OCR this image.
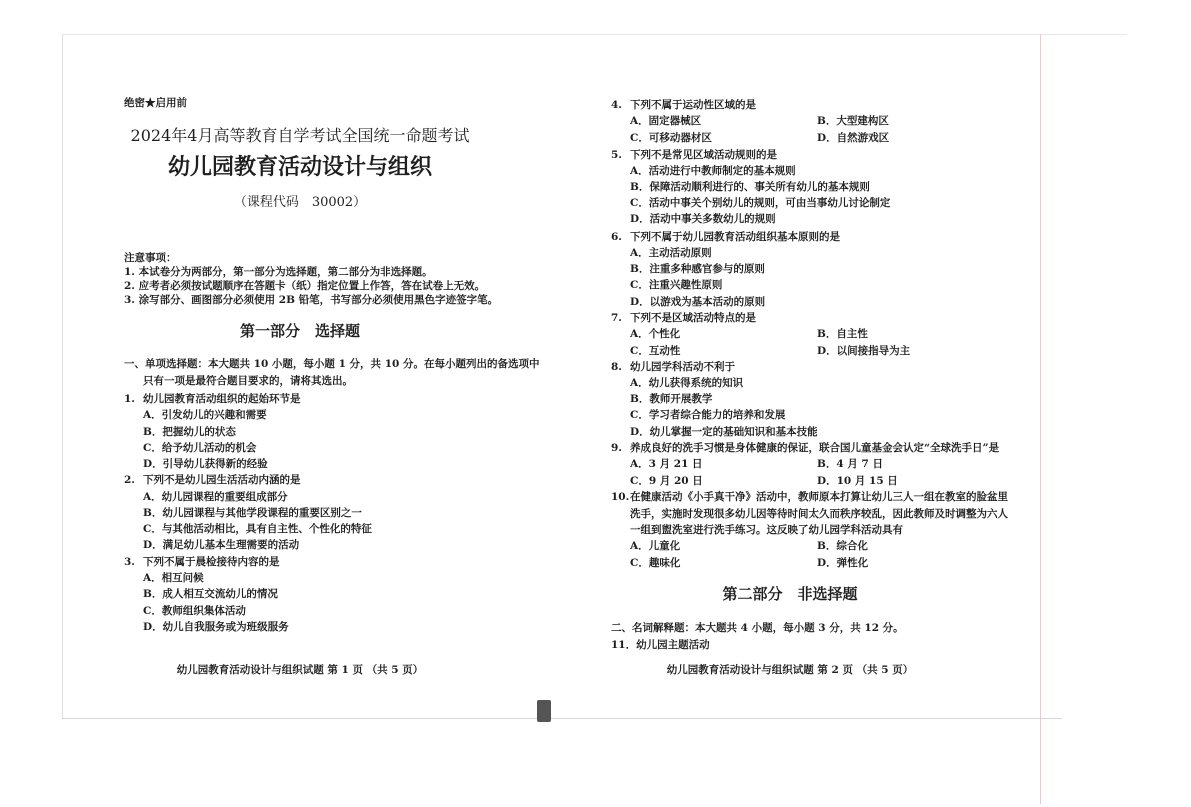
绝密★启用前
2024年4月高等教育自学考试全国统一命题考试
幼儿园教育活动设计与组织
（课程代码　30002）
注意事项：
1. 本试卷分为两部分，第一部分为选择题，第二部分为非选择题。
2. 应考者必须按试题顺序在答题卡（纸）指定位置上作答，答在试卷上无效。
3. 涂写部分、画图部分必须使用 2B 铅笔，书写部分必须使用黑色字迹签字笔。
第一部分　选择题
一、单项选择题：本大题共 10 小题，每小题 1 分，共 10 分。在每小题列出的备选项中
只有一项是最符合题目要求的，请将其选出。
1. 幼儿园教育活动组织的起始环节是
A．引发幼儿的兴趣和需要
B．把握幼儿的状态
C．给予幼儿活动的机会
D．引导幼儿获得新的经验
2. 下列不是幼儿园生活活动内涵的是
A．幼儿园课程的重要组成部分
B．幼儿园课程与其他学段课程的重要区别之一
C．与其他活动相比，具有自主性、个性化的特征
D．满足幼儿基本生理需要的活动
3. 下列不属于晨检接待内容的是
A．相互问候
B．成人相互交流幼儿的情况
C．教师组织集体活动
D．幼儿自我服务或为班级服务
幼儿园教育活动设计与组织试题 第 1 页 （共 5 页）
4. 下列不属于运动性区域的是
A．固定器械区	B．大型建构区
C．可移动器材区	D．自然游戏区
5. 下列不是常见区域活动规则的是
A．活动进行中教师制定的基本规则
B．保障活动顺利进行的、事关所有幼儿的基本规则
C．活动中事关个别幼儿的规则，可由当事幼儿讨论制定
D．活动中事关多数幼儿的规则
6. 下列不属于幼儿园教育活动组织基本原则的是
A．主动活动原则
B．注重多种感官参与的原则
C．注重兴趣性原则
D．以游戏为基本活动的原则
7. 下列不是区域活动特点的是
A．个性化	B．自主性
C．互动性	D．以间接指导为主
8. 幼儿园学科活动不利于
A．幼儿获得系统的知识
B．教师开展教学
C．学习者综合能力的培养和发展
D．幼儿掌握一定的基础知识和基本技能
9. 养成良好的洗手习惯是身体健康的保证，联合国儿童基金会认定“全球洗手日”是
A．3 月 21 日	B．4 月 7 日
C．9 月 20 日	D．10 月 15 日
10. 在健康活动《小手真干净》活动中，教师原本打算让幼儿三人一组在教室的脸盆里
洗手，实施时发现很多幼儿因等待时间太久而秩序较乱，因此教师及时调整为六人
一组到盥洗室进行洗手练习。这反映了幼儿园学科活动具有
A．儿童化	B．综合化
C．趣味化	D．弹性化
第二部分　非选择题
二、名词解释题：本大题共 4 小题，每小题 3 分，共 12 分。
11．幼儿园主题活动
幼儿园教育活动设计与组织试题 第 2 页 （共 5 页）
